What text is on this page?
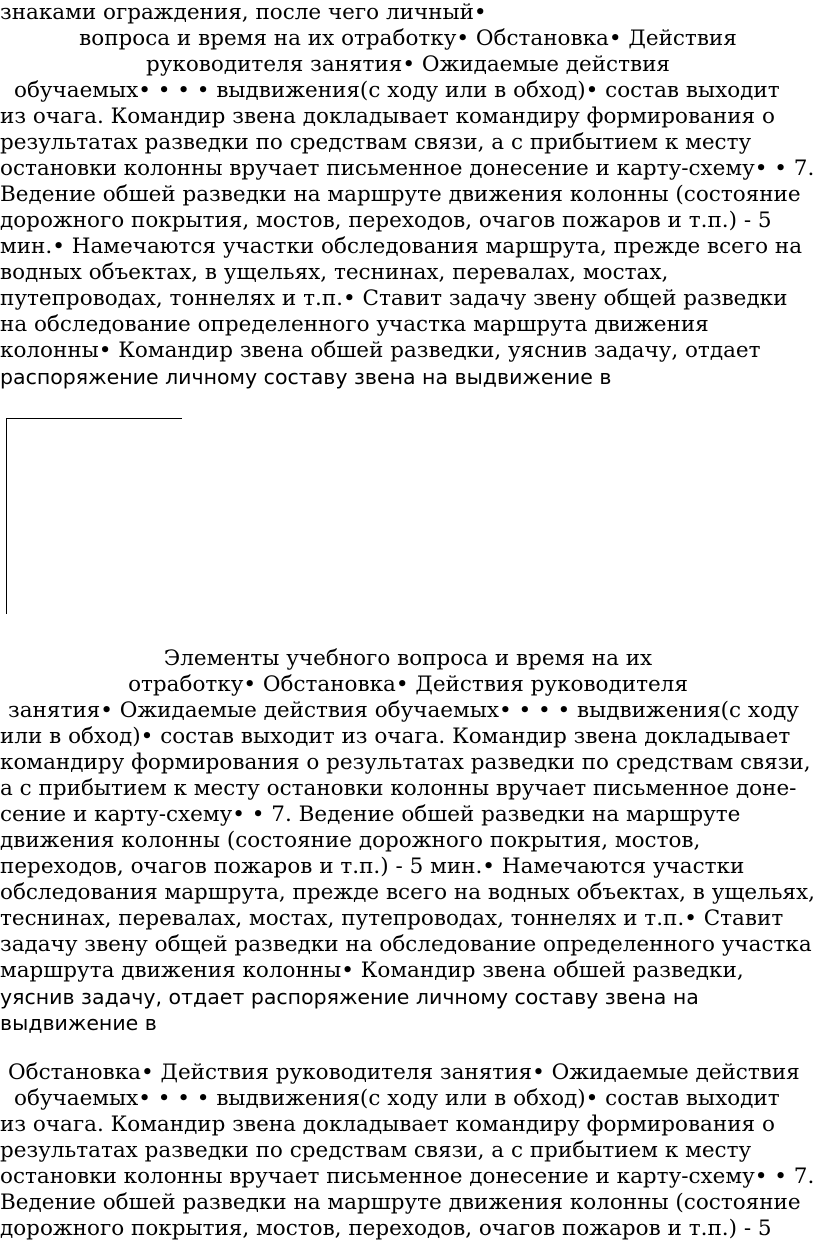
знаками ограждения, после чего личный•
вопроса и время на их отработку• Обстановка• Действия
руководителя занятия• Ожидаемые действия
обучаемых• • • • выдвижения(с ходу или в обход)• состав выходит
из очага. Командир звена докладывает командиру формирования о
результатах разведки по средствам связи, а с прибытием к месту
остановки колонны вручает письменное донесение и карту-схему• • 7.
Ведение обшей разведки на маршруте движения колонны (состояние
дорожного покрытия, мостов, переходов, очагов пожаров и т.п.) - 5
мин.• Намечаются участки обследования маршрута, прежде всего на
водных объектах, в ущельях, теснинах, перевалах, мостах,
путепроводах, тоннелях и т.п.• Ставит задачу звену общей разведки
на обследование определенного участка маршрута движения
колонны• Командир звена обшей разведки, уяснив задачу, отдает
распоряжение личному составу звена на выдвижение в
Элементы учебного вопроса и время на их
отработку• Обстановка• Действия руководителя
занятия• Ожидаемые действия обучаемых• • • • выдвижения(с ходу
или в обход)• состав выходит из очага. Командир звена докладывает
командиру формирования о результатах разведки по средствам связи,
а с прибытием к месту остановки колонны вручает письменное доне-
сение и карту-схему• • 7. Ведение обшей разведки на маршруте
движения колонны (состояние дорожного покрытия, мостов,
переходов, очагов пожаров и т.п.) - 5 мин.• Намечаются участки
обследования маршрута, прежде всего на водных объектах, в ущельях,
теснинах, перевалах, мостах, путепроводах, тоннелях и т.п.• Ставит
задачу звену общей разведки на обследование определенного участка
маршрута движения колонны• Командир звена обшей разведки,
уяснив задачу, отдает распоряжение личному составу звена на
выдвижение в
Обстановка• Действия руководителя занятия• Ожидаемые действия
обучаемых• • • • выдвижения(с ходу или в обход)• состав выходит
из очага. Командир звена докладывает командиру формирования о
результатах разведки по средствам связи, а с прибытием к месту
остановки колонны вручает письменное донесение и карту-схему• • 7.
Ведение обшей разведки на маршруте движения колонны (состояние
дорожного покрытия, мостов, переходов, очагов пожаров и т.п.) - 5
